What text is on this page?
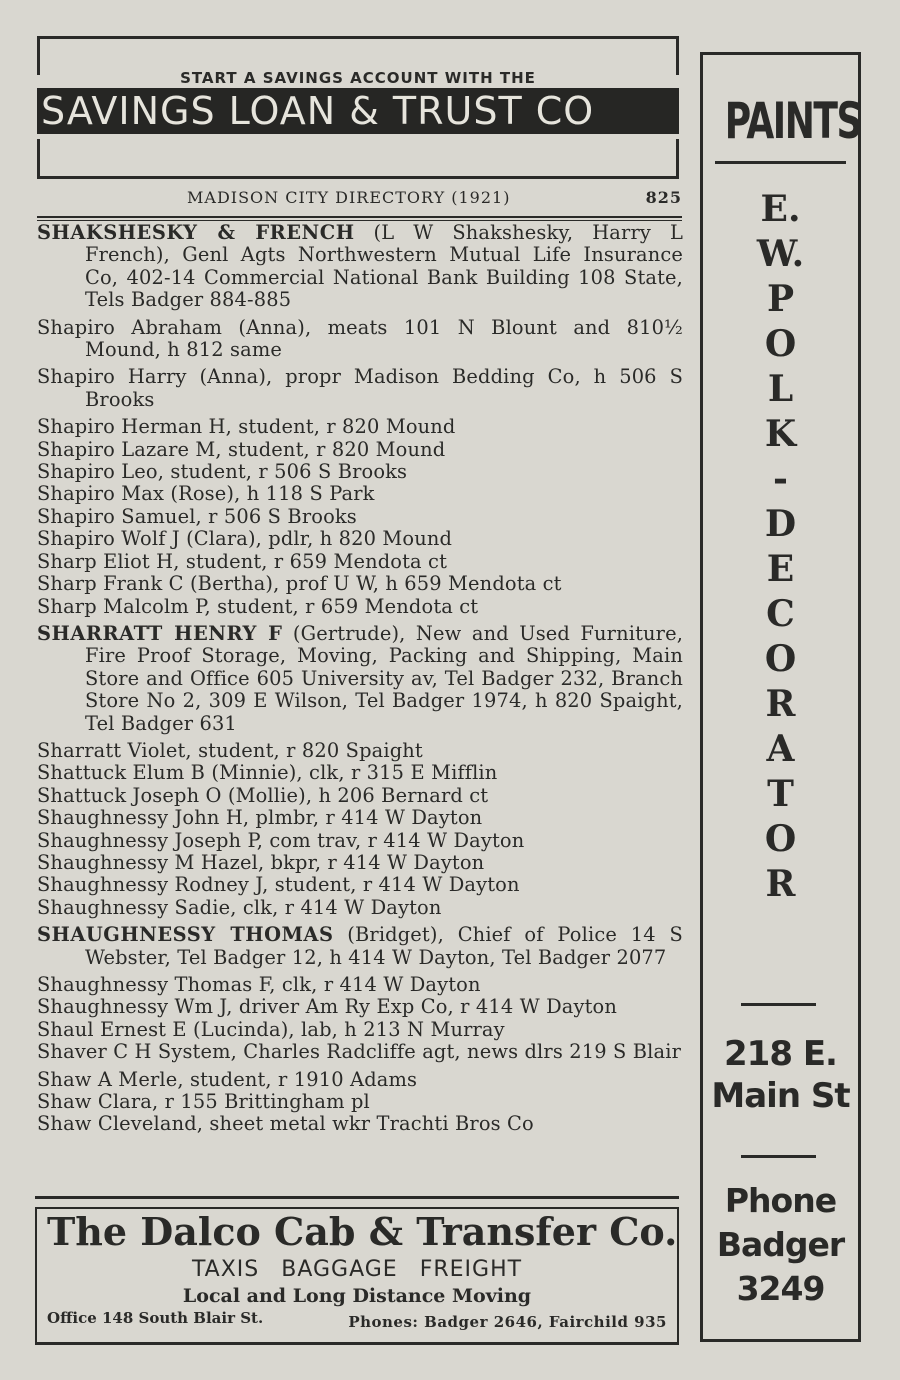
START A SAVINGS ACCOUNT WITH THE
SAVINGS LOAN & TRUST CO
MADISON CITY DIRECTORY (1921)	825
SHAKSHESKY & FRENCH (L W Shakshesky, Harry L French), Genl Agts Northwestern Mutual Life Insurance Co, 402-14 Commercial National Bank Building 108 State, Tels Badger 884-885
Shapiro Abraham (Anna), meats 101 N Blount and 810½ Mound, h 812 same
Shapiro Harry (Anna), propr Madison Bedding Co, h 506 S Brooks
Shapiro Herman H, student, r 820 Mound
Shapiro Lazare M, student, r 820 Mound
Shapiro Leo, student, r 506 S Brooks
Shapiro Max (Rose), h 118 S Park
Shapiro Samuel, r 506 S Brooks
Shapiro Wolf J (Clara), pdlr, h 820 Mound
Sharp Eliot H, student, r 659 Mendota ct
Sharp Frank C (Bertha), prof U W, h 659 Mendota ct
Sharp Malcolm P, student, r 659 Mendota ct
SHARRATT HENRY F (Gertrude), New and Used Furniture, Fire Proof Storage, Moving, Packing and Shipping, Main Store and Office 605 University av, Tel Badger 232, Branch Store No 2, 309 E Wilson, Tel Badger 1974, h 820 Spaight, Tel Badger 631
Sharratt Violet, student, r 820 Spaight
Shattuck Elum B (Minnie), clk, r 315 E Mifflin
Shattuck Joseph O (Mollie), h 206 Bernard ct
Shaughnessy John H, plmbr, r 414 W Dayton
Shaughnessy Joseph P, com trav, r 414 W Dayton
Shaughnessy M Hazel, bkpr, r 414 W Dayton
Shaughnessy Rodney J, student, r 414 W Dayton
Shaughnessy Sadie, clk, r 414 W Dayton
SHAUGHNESSY THOMAS (Bridget), Chief of Police 14 S Webster, Tel Badger 12, h 414 W Dayton, Tel Badger 2077
Shaughnessy Thomas F, clk, r 414 W Dayton
Shaughnessy Wm J, driver Am Ry Exp Co, r 414 W Dayton
Shaul Ernest E (Lucinda), lab, h 213 N Murray
Shaver C H System, Charles Radcliffe agt, news dlrs 219 S Blair
Shaw A Merle, student, r 1910 Adams
Shaw Clara, r 155 Brittingham pl
Shaw Cleveland, sheet metal wkr Trachti Bros Co
The Dalco Cab & Transfer Co.
TAXIS BAGGAGE FREIGHT
Local and Long Distance Moving
Office 148 South Blair St.	Phones: Badger 2646, Fairchild 935
PAINTS
E.
W.
P
O
L
K
-
D
E
C
O
R
A
T
O
R
218 E.
Main St
Phone
Badger
3249
